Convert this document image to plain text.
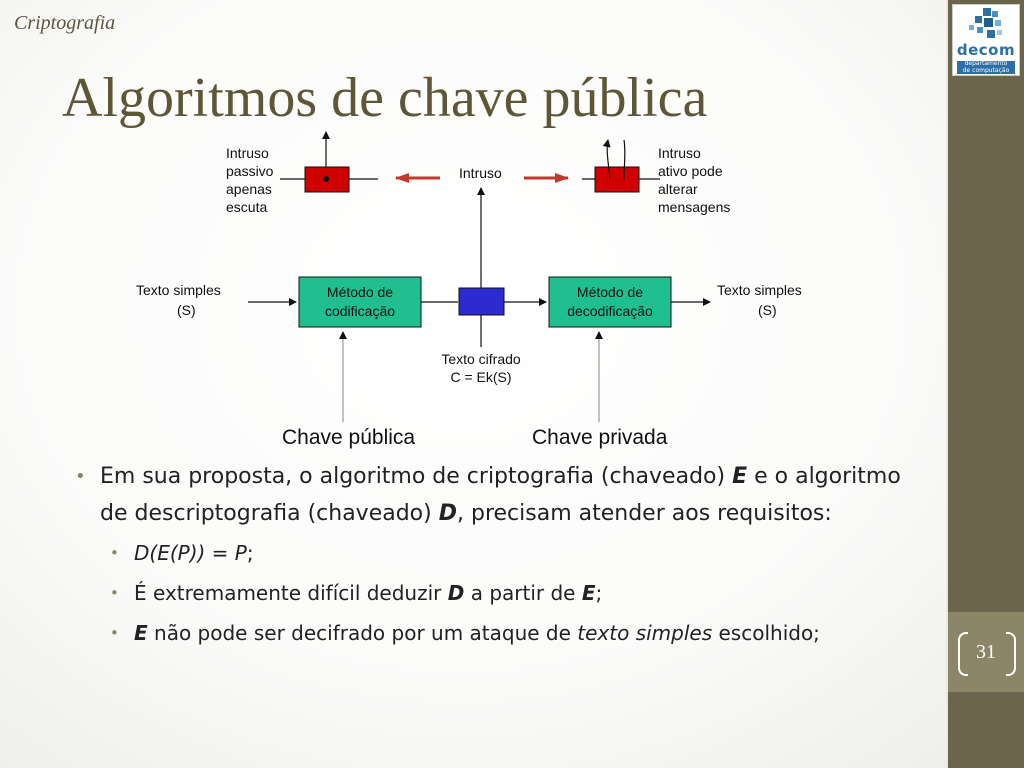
31
decom
departamento
de computação
Criptografia
Algoritmos de chave pública
Intruso
passivo
apenas
escuta
Intruso
Intruso
ativo pode
alterar
mensagens
Texto simples
(S)
Método de
codificação
Método de
decodificação
Texto simples
(S)
Texto cifrado
C = Ek(S)
Chave pública	Chave privada
• Em sua proposta, o algoritmo de criptografia (chaveado) E e o algoritmo de descriptografia (chaveado) D, precisam atender aos requisitos:
• D(E(P)) = P;
• É extremamente difícil deduzir D a partir de E;
• E não pode ser decifrado por um ataque de texto simples escolhido;
